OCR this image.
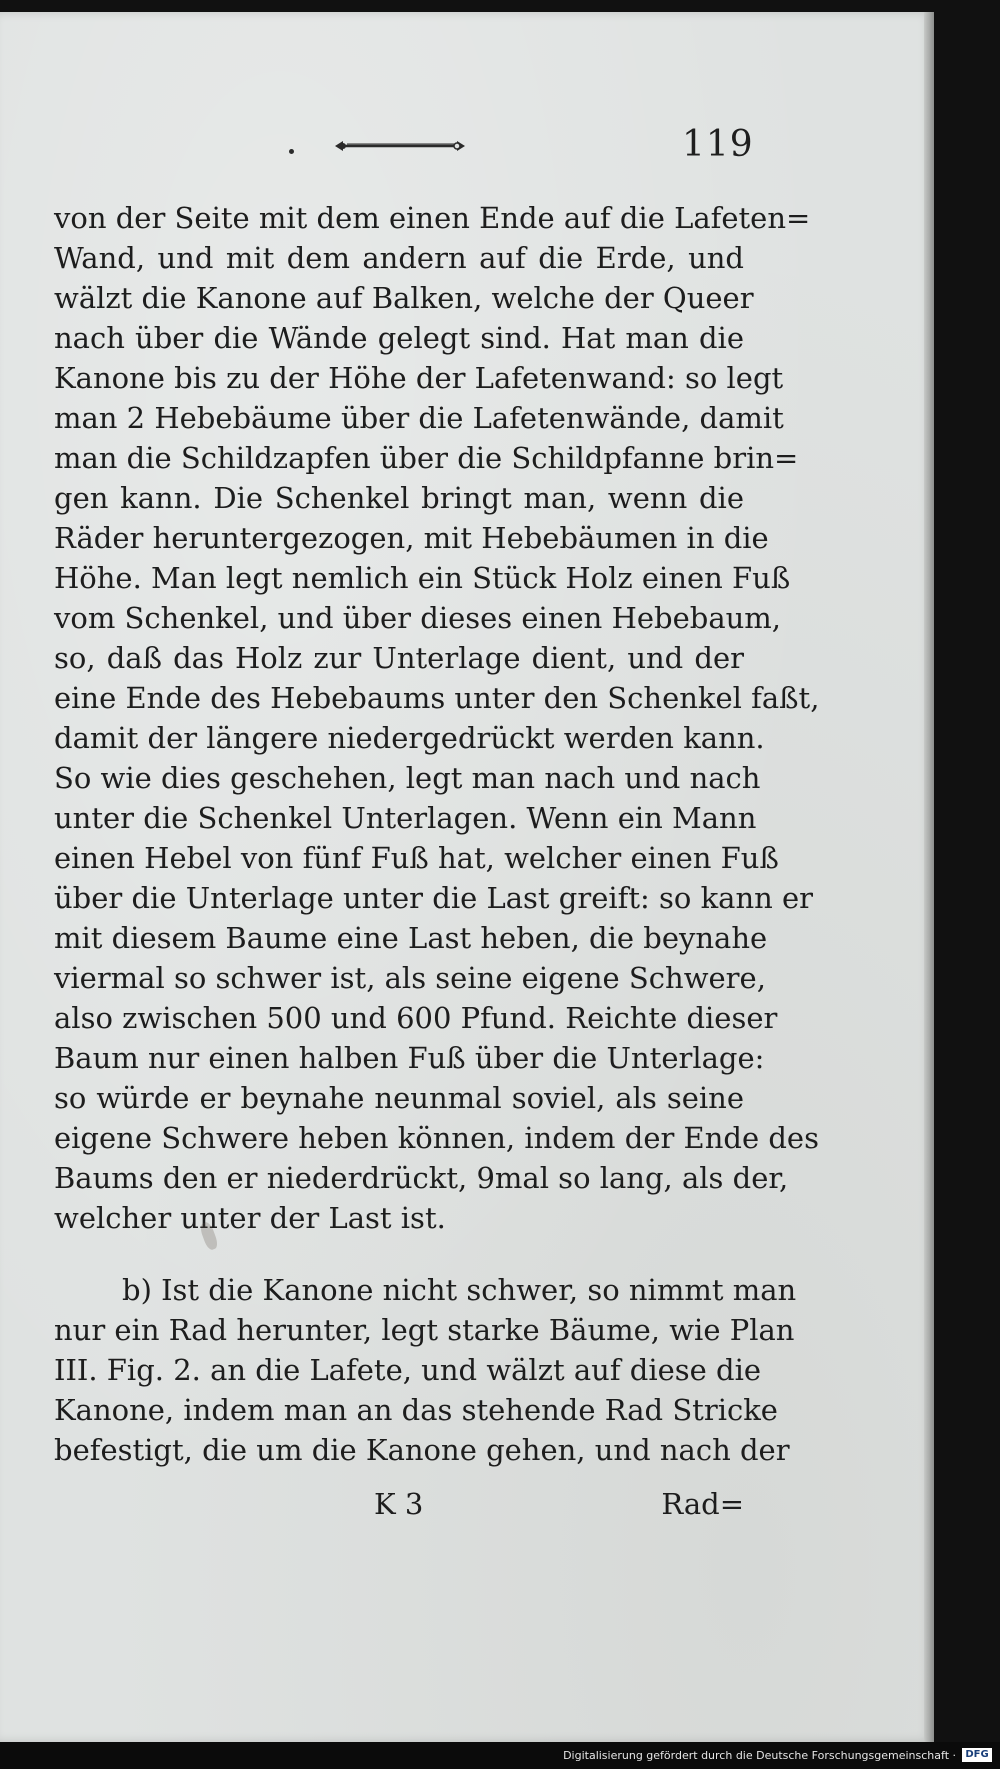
119
von der Seite mit dem einen Ende auf die Lafeten=
Wand, und mit dem andern auf die Erde, und
wälzt die Kanone auf Balken, welche der Queer
nach über die Wände gelegt sind. Hat man die
Kanone bis zu der Höhe der Lafetenwand: so legt
man 2 Hebebäume über die Lafetenwände, damit
man die Schildzapfen über die Schildpfanne brin=
gen kann. Die Schenkel bringt man, wenn die
Räder heruntergezogen, mit Hebebäumen in die
Höhe. Man legt nemlich ein Stück Holz einen Fuß
vom Schenkel, und über dieses einen Hebebaum,
so, daß das Holz zur Unterlage dient, und der
eine Ende des Hebebaums unter den Schenkel faßt,
damit der längere niedergedrückt werden kann.
So wie dies geschehen, legt man nach und nach
unter die Schenkel Unterlagen. Wenn ein Mann
einen Hebel von fünf Fuß hat, welcher einen Fuß
über die Unterlage unter die Last greift: so kann er
mit diesem Baume eine Last heben, die beynahe
viermal so schwer ist, als seine eigene Schwere,
also zwischen 500 und 600 Pfund. Reichte dieser
Baum nur einen halben Fuß über die Unterlage:
so würde er beynahe neunmal soviel, als seine
eigene Schwere heben können, indem der Ende des
Baums den er niederdrückt, 9mal so lang, als der,
welcher unter der Last ist.
b) Ist die Kanone nicht schwer, so nimmt man
nur ein Rad herunter, legt starke Bäume, wie Plan
III. Fig. 2. an die Lafete, und wälzt auf diese die
Kanone, indem man an das stehende Rad Stricke
befestigt, die um die Kanone gehen, und nach der
K 3	Rad=
Digitalisierung gefördert durch die Deutsche Forschungsgemeinschaft · DFG
